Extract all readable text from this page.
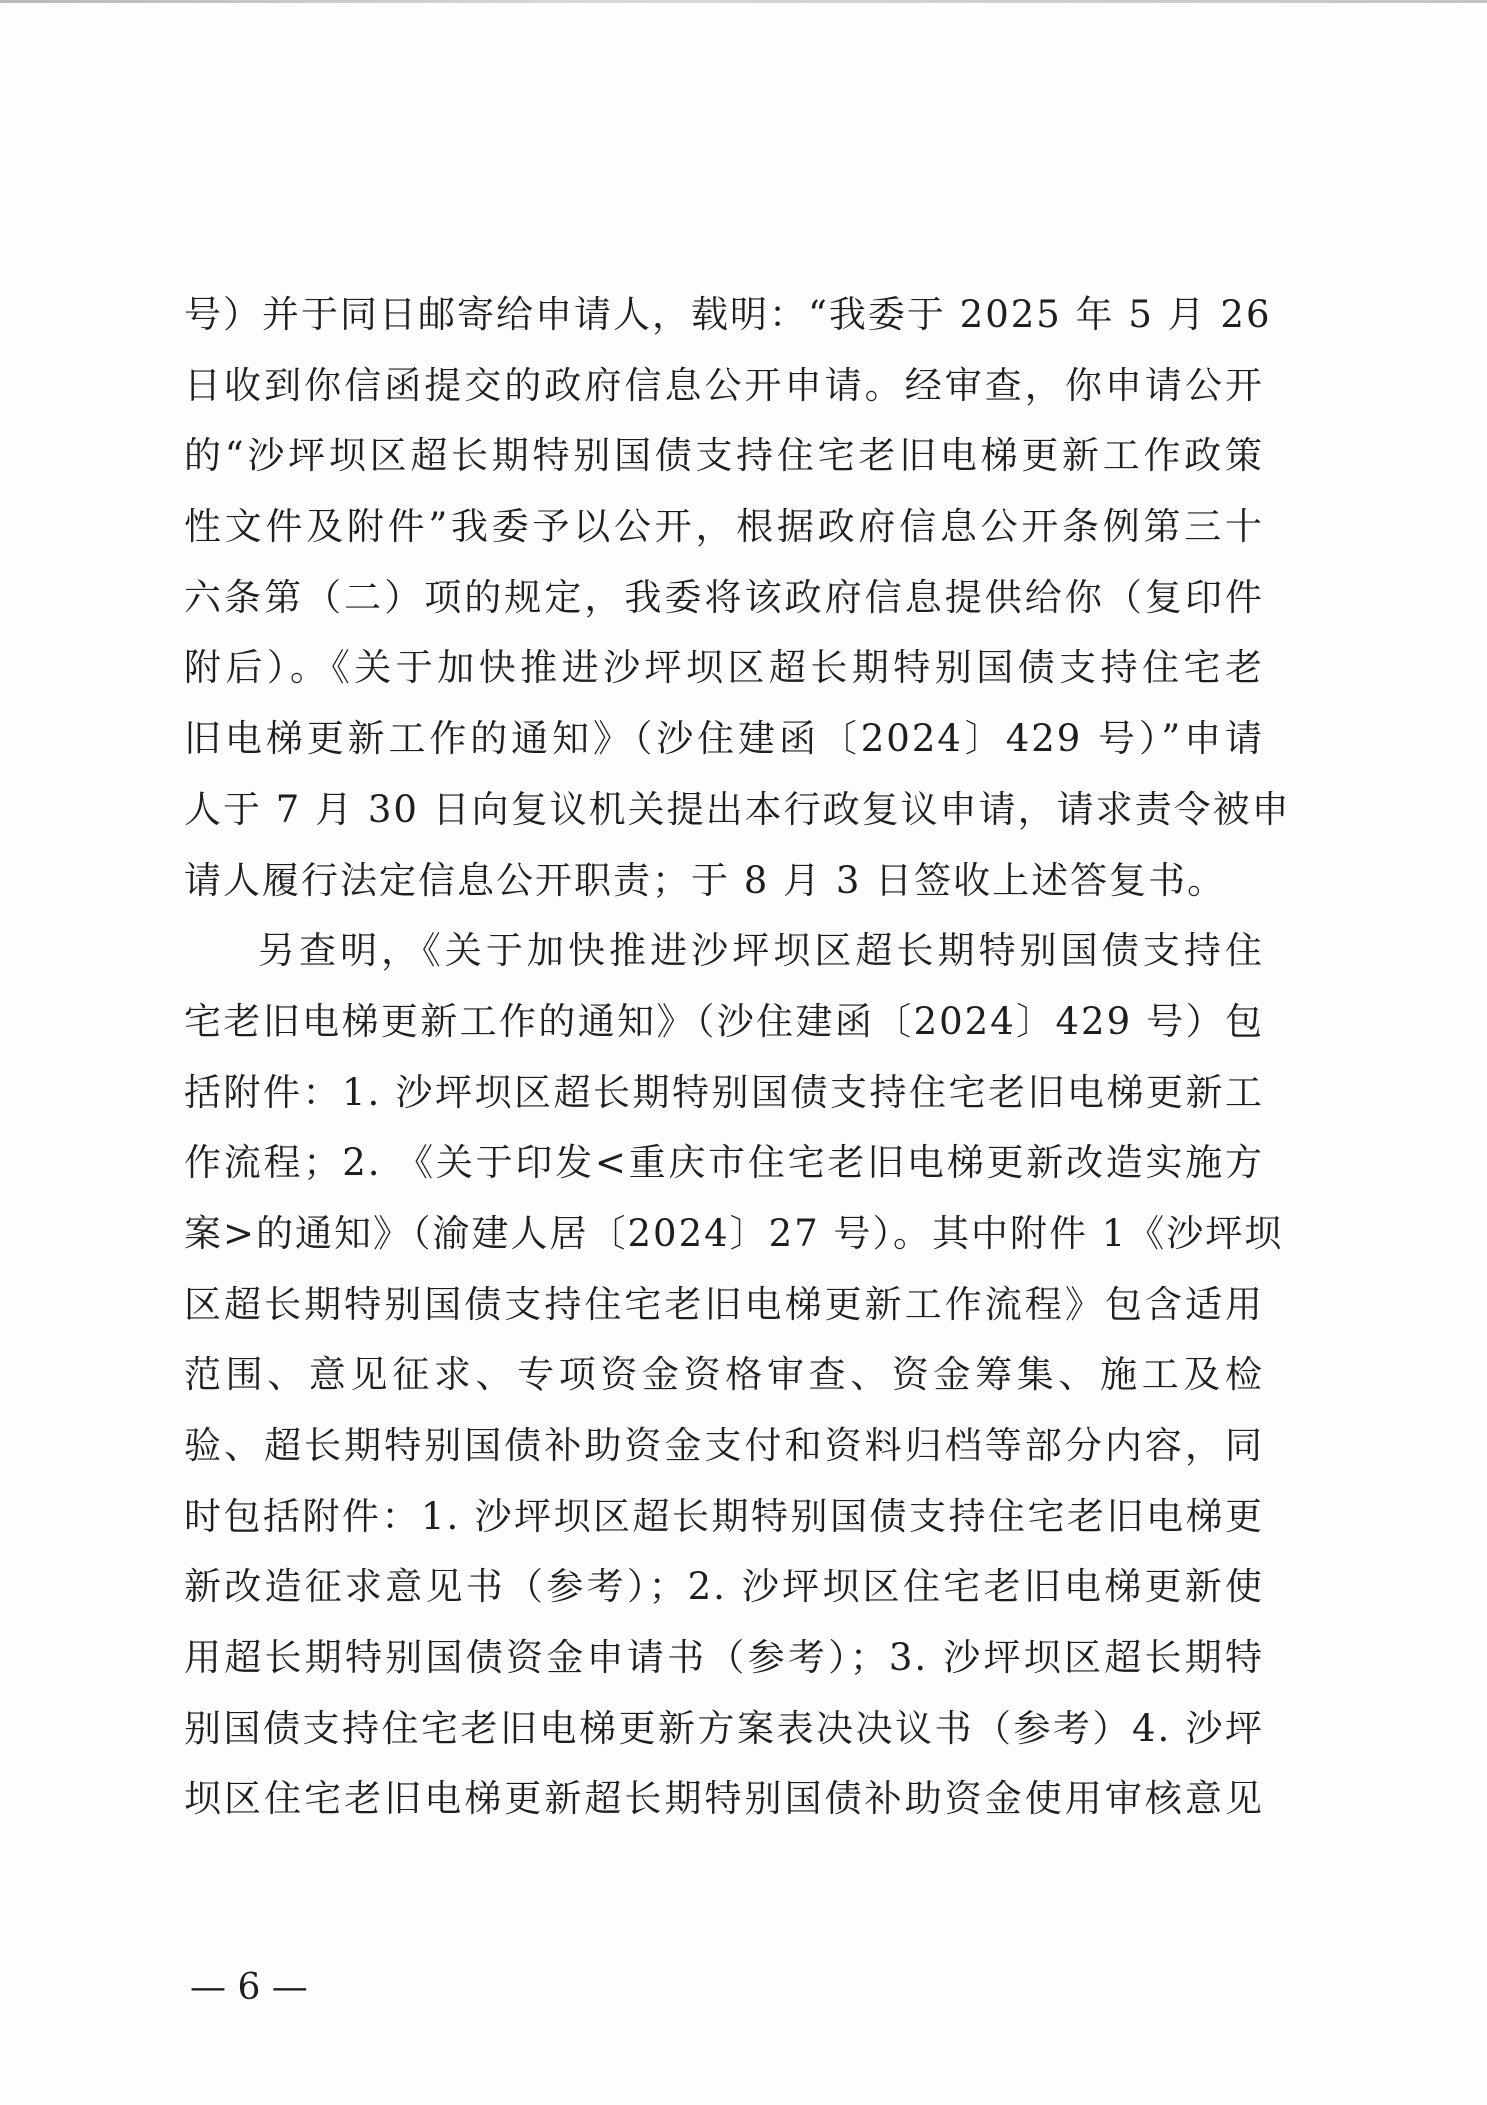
号）并于同日邮寄给申请人，载明：“我委于 2025 年 5 月 26
日收到你信函提交的政府信息公开申请。经审查，你申请公开
的“沙坪坝区超长期特别国债支持住宅老旧电梯更新工作政策
性文件及附件”我委予以公开，根据政府信息公开条例第三十
六条第（二）项的规定，我委将该政府信息提供给你（复印件
附后）。《关于加快推进沙坪坝区超长期特别国债支持住宅老
旧电梯更新工作的通知》（沙住建函〔2024〕429 号）”申请
人于 7 月 30 日向复议机关提出本行政复议申请，请求责令被申
请人履行法定信息公开职责；于 8 月 3 日签收上述答复书。
另查明，《关于加快推进沙坪坝区超长期特别国债支持住
宅老旧电梯更新工作的通知》（沙住建函〔2024〕429 号）包
括附件：1. 沙坪坝区超长期特别国债支持住宅老旧电梯更新工
作流程；2. 《关于印发<重庆市住宅老旧电梯更新改造实施方
案>的通知》（渝建人居〔2024〕27 号）。其中附件 1《沙坪坝
区超长期特别国债支持住宅老旧电梯更新工作流程》包含适用
范围、意见征求、专项资金资格审查、资金筹集、施工及检
验、超长期特别国债补助资金支付和资料归档等部分内容，同
时包括附件：1. 沙坪坝区超长期特别国债支持住宅老旧电梯更
新改造征求意见书（参考）；2. 沙坪坝区住宅老旧电梯更新使
用超长期特别国债资金申请书（参考）；3. 沙坪坝区超长期特
别国债支持住宅老旧电梯更新方案表决决议书（参考）4. 沙坪
坝区住宅老旧电梯更新超长期特别国债补助资金使用审核意见
— 6 —
